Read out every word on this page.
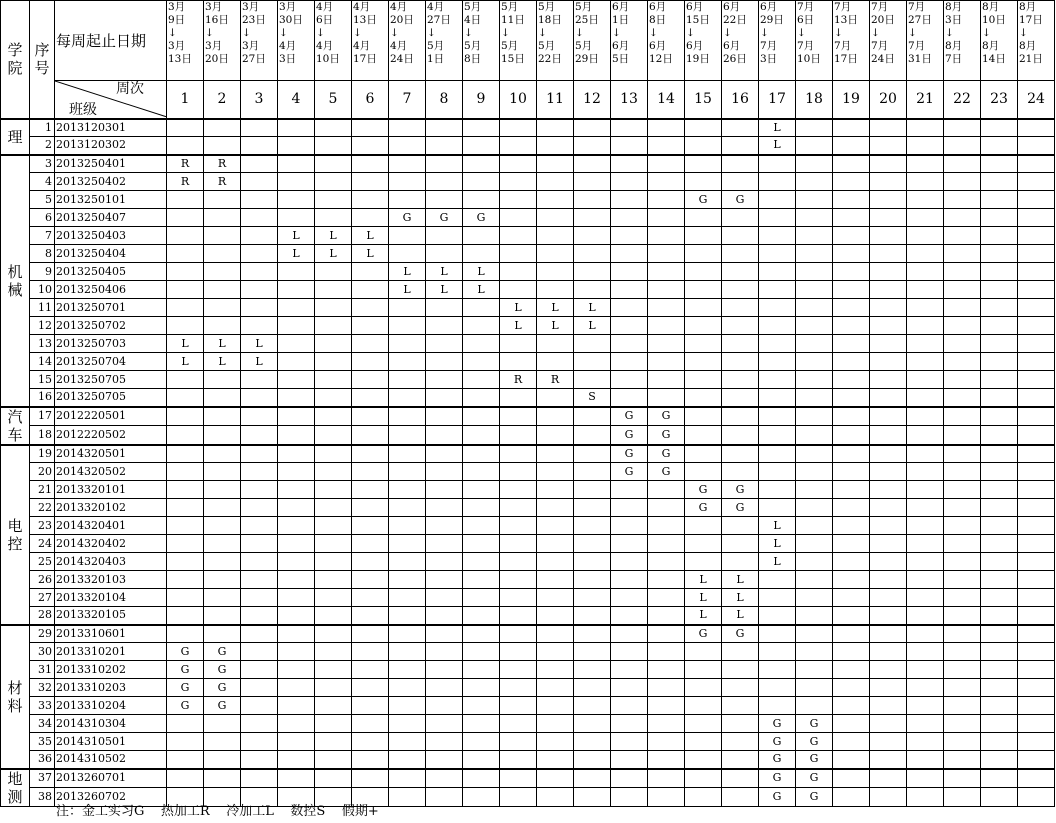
学
院	序
号	每周起止日期	3月
9日
↓
3月
13日	3月
16日
↓
3月
20日	3月
23日
↓
3月
27日	3月
30日
↓
4月
3日	4月
6日
↓
4月
10日	4月
13日
↓
4月
17日	4月
20日
↓
4月
24日	4月
27日
↓
5月
1日	5月
4日
↓
5月
8日	5月
11日
↓
5月
15日	5月
18日
↓
5月
22日	5月
25日
↓
5月
29日	6月
1日
↓
6月
5日	6月
8日
↓
6月
12日	6月
15日
↓
6月
19日	6月
22日
↓
6月
26日	6月
29日
↓
7月
3日	7月
6日
↓
7月
10日	7月
13日
↓
7月
17日	7月
20日
↓
7月
24日	7月
27日
↓
7月
31日	8月
3日
↓
8月
7日	8月
10日
↓
8月
14日	8月
17日
↓
8月
21日

		周次
班级	1	2	3	4	5	6	7	8	9	10	11	12	13	14	15	16	17	18	19	20	21	22	23	24
理	1	2013120301																	L							
	2	2013120302																	L							
机
械	3	2013250401	R	R																						
	4	2013250402	R	R																						
	5	2013250101															G	G								
	6	2013250407							G	G	G															
	7	2013250403				L	L	L																		
	8	2013250404				L	L	L																		
	9	2013250405							L	L	L															
	10	2013250406							L	L	L															
	11	2013250701										L	L	L												
	12	2013250702										L	L	L												
	13	2013250703	L	L	L																					
	14	2013250704	L	L	L																					
	15	2013250705										R	R													
	16	2013250705												S												
汽
车	17	2012220501													G	G										
	18	2012220502													G	G										
电
控	19	2014320501													G	G										
	20	2014320502													G	G										
	21	2013320101															G	G								
	22	2013320102															G	G								
	23	2014320401																	L							
	24	2014320402																	L							
	25	2014320403																	L							
	26	2013320103															L	L								
	27	2013320104															L	L								
	28	2013320105															L	L								
材
料	29	2013310601															G	G								
	30	2013310201	G	G																						
	31	2013310202	G	G																						
	32	2013310203	G	G																						
	33	2013310204	G	G																						
	34	2014310304																	G	G						
	35	2014310501																	G	G						
	36	2014310502																	G	G						
地
测	37	2013260701																	G	G						
	38	2013260702																	G	G						
注：金工实习G    热加工R    冷加工L    数控S    假期+
